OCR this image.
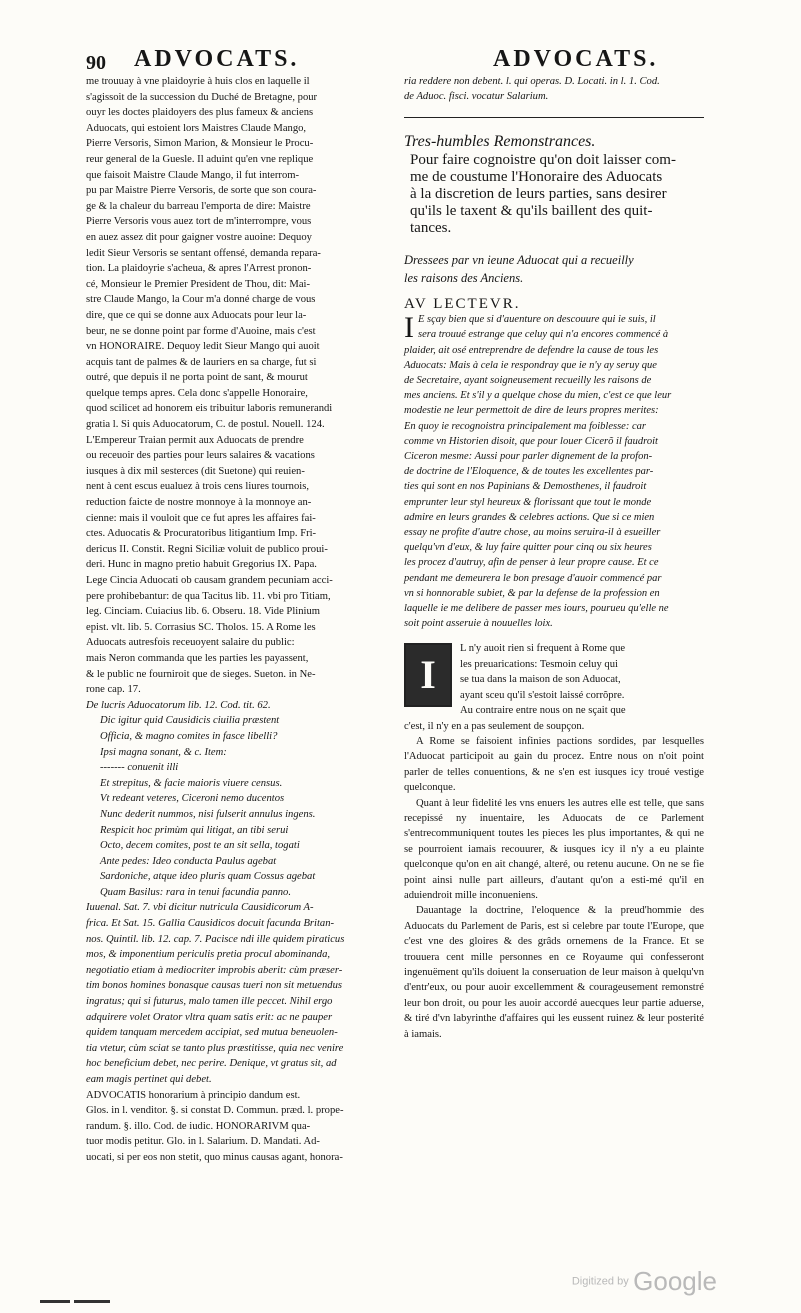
90 ADVOCATS.	ADVOCATS.

me trouuay à vne plaidoyrie à huis clos en laquelle il

s'agissoit de la succession du Duché de Bretagne, pour

ouyr les doctes plaidoyers des plus fameux & anciens

Aduocats, qui estoient lors Maistres Claude Mango,

Pierre Versoris, Simon Marion, & Monsieur le Procu-

reur general de la Guesle. Il aduint qu'en vne replique

que faisoit Maistre Claude Mango, il fut interrom-

pu par Maistre Pierre Versoris, de sorte que son coura-

ge & la chaleur du barreau l'emporta de dire: Maistre

Pierre Versoris vous auez tort de m'interrompre, vous

en auez assez dit pour gaigner vostre auoine: Dequoy

ledit Sieur Versoris se sentant offensé, demanda repara-

tion. La plaidoyrie s'acheua, & apres l'Arrest pronon-

cé, Monsieur le Premier President de Thou, dit: Mai-

stre Claude Mango, la Cour m'a donné charge de vous

dire, que ce qui se donne aux Aduocats pour leur la-

beur, ne se donne point par forme d'Auoine, mais c'est

vn HONORAIRE. Dequoy ledit Sieur Mango qui auoit

acquis tant de palmes & de lauriers en sa charge, fut si

outré, que depuis il ne porta point de sant, & mourut

quelque temps apres. Cela donc s'appelle Honoraire,

quod scilicet ad honorem eis tribuitur laboris remunerandi

gratia l. Si quis Aduocatorum, C. de postul. Nouell. 124.

L'Empereur Traian permit aux Aduocats de prendre

ou receuoir des parties pour leurs salaires & vacations

iusques à dix mil sesterces (dit Suetone) qui reuien-

nent à cent escus eualuez à trois cens liures tournois,

reduction faicte de nostre monnoye à la monnoye an-

cienne: mais il vouloit que ce fut apres les affaires fai-

ctes. Aduocatis & Procuratoribus litigantium Imp. Fri-

dericus II. Constit. Regni Siciliæ voluit de publico proui-

deri. Hunc in magno pretio habuit Gregorius IX. Papa.

Lege Cincia Aduocati ob causam grandem pecuniam acci-

pere prohibebantur: de qua Tacitus lib. 11. vbi pro Titiam,

leg. Cinciam. Cuiacius lib. 6. Obseru. 18. Vide Plinium

epist. vlt. lib. 5. Corrasius SC. Tholos. 15. A Rome les

Aduocats autresfois receuoyent salaire du public:

mais Neron commanda que les parties les payassent,

& le public ne fourniroit que de sieges. Sueton. in Ne-

rone cap. 17.

De lucris Aduocatorum lib. 12. Cod. tit. 62.

Dic igitur quid Causidicis ciuilia præstent

Officia, & magno comites in fasce libelli?

Ipsi magna sonant, & c. Item:

------- conuenit illi

Et strepitus, & facie maioris viuere census.

Vt redeant veteres, Ciceroni nemo ducentos

Nunc dederit nummos, nisi fulserit annulus ingens.

Respicit hoc primùm qui litigat, an tibi serui

Octo, decem comites, post te an sit sella, togati

Ante pedes: Ideo conducta Paulus agebat

Sardoniche, atque ideo pluris quam Cossus agebat

Quam Basilus: rara in tenui facundia panno.

Iuuenal. Sat. 7. vbi dicitur nutricula Causidicorum A-

frica. Et Sat. 15. Gallia Causidicos docuit facunda Britan-

nos. Quintil. lib. 12. cap. 7. Pacisce ndi ille quidem piraticus

mos, & imponentium periculis pretia procul abominanda,

negotiatio etiam à mediocriter improbis aberit: cùm præser-

tim bonos homines bonasque causas tueri non sit metuendus

ingratus; qui si futurus, malo tamen ille peccet. Nihil ergo

adquirere volet Orator vltra quam satis erit: ac ne pauper

quidem tanquam mercedem accipiat, sed mutua beneuolen-

tia vtetur, cùm sciat se tanto plus præstitisse, quia nec venire

hoc beneficium debet, nec perire. Denique, vt gratus sit, ad

eam magis pertinet qui debet.

ADVOCATIS honorarium à principio dandum est.

Glos. in l. venditor. §. si constat D. Commun. præd. l. prope-

randum. §. illo. Cod. de iudic. HONORARIVM qua-

tuor modis petitur. Glo. in l. Salarium. D. Mandati. Ad-

uocati, si per eos non stetit, quo minus causas agant, honora-

ria reddere non debent. l. qui operas. D. Locati. in l. 1. Cod.

de Aduoc. fisci. vocatur Salarium.

Tres-humbles Remonstrances.

Pour faire cognoistre qu'on doit laisser com-

me de coustume l'Honoraire des Aduocats

à la discretion de leurs parties, sans desirer

qu'ils le taxent & qu'ils baillent des quit-

tances.

Dressees par vn ieune Aduocat qui a recueilly

les raisons des Anciens.

AV LECTEVR.

I E sçay bien que si d'auenture on descouure qui ie suis, il

sera trouué estrange que celuy qui n'a encores commencé à

plaider, ait osé entreprendre de defendre la cause de tous les

Aduocats: Mais à cela ie respondray que ie n'y ay seruy que

de Secretaire, ayant soigneusement recueilly les raisons de

mes anciens. Et s'il y a quelque chose du mien, c'est ce que leur

modestie ne leur permettoit de dire de leurs propres merites:

En quoy ie recognoistra principalement ma foiblesse: car

comme vn Historien disoit, que pour louer Cicerõ il faudroit

Ciceron mesme: Aussi pour parler dignement de la profon-

de doctrine de l'Eloquence, & de toutes les excellentes par-

ties qui sont en nos Papinians & Demosthenes, il faudroit

emprunter leur styl heureux & florissant que tout le monde

admire en leurs grandes & celebres actions. Que si ce mien

essay ne profite d'autre chose, au moins seruira-il à esueiller

quelqu'vn d'eux, & luy faire quitter pour cinq ou six heures

les procez d'autruy, afin de penser à leur propre cause. Et ce

pendant me demeurera le bon presage d'auoir commencé par

vn si honnorable subiet, & par la defense de la profession en

laquelle ie me delibere de passer mes iours, pourueu qu'elle ne

soit point asseruie à nouuelles loix.

I

L n'y auoit rien si frequent à Rome que

les preuarications: Tesmoin celuy qui

se tua dans la maison de son Aduocat,

ayant sceu qu'il s'estoit laissé corrõpre.

Au contraire entre nous on ne sçait que

c'est, il n'y en a pas seulement de soupçon.

A Rome se faisoient infinies pactions sordides, par lesquelles l'Aduocat participoit au gain du procez. Entre nous on n'oit point parler de telles conuentions, & ne s'en est iusques icy troué vestige quelconque.

Quant à leur fidelité les vns enuers les autres elle est telle, que sans recepissé ny inuentaire, les Aduocats de ce Parlement s'entrecommuniquent toutes les pieces les plus importantes, & qui ne se pourroient iamais recouurer, & iusques icy il n'y a eu plainte quelconque qu'on en ait changé, alteré, ou retenu aucune. On ne se fie point ainsi nulle part ailleurs, d'autant qu'on a esti-mé qu'il en aduiendroit mille inconueniens.

Dauantage la doctrine, l'eloquence & la preud'hommie des Aduocats du Parlement de Paris, est si celebre par toute l'Europe, que c'est vne des gloires & des grâds ornemens de la France. Et se trouuera cent mille personnes en ce Royaume qui confesseront ingenuëment qu'ils doiuent la conseruation de leur maison à quelqu'vn d'entr'eux, ou pour auoir excellemment & courageusement remonstré leur bon droit, ou pour les auoir accordé auecques leur partie aduerse, & tiré d'vn labyrinthe d'affaires qui les eussent ruinez & leur posterité à iamais.

Digitized by Google
